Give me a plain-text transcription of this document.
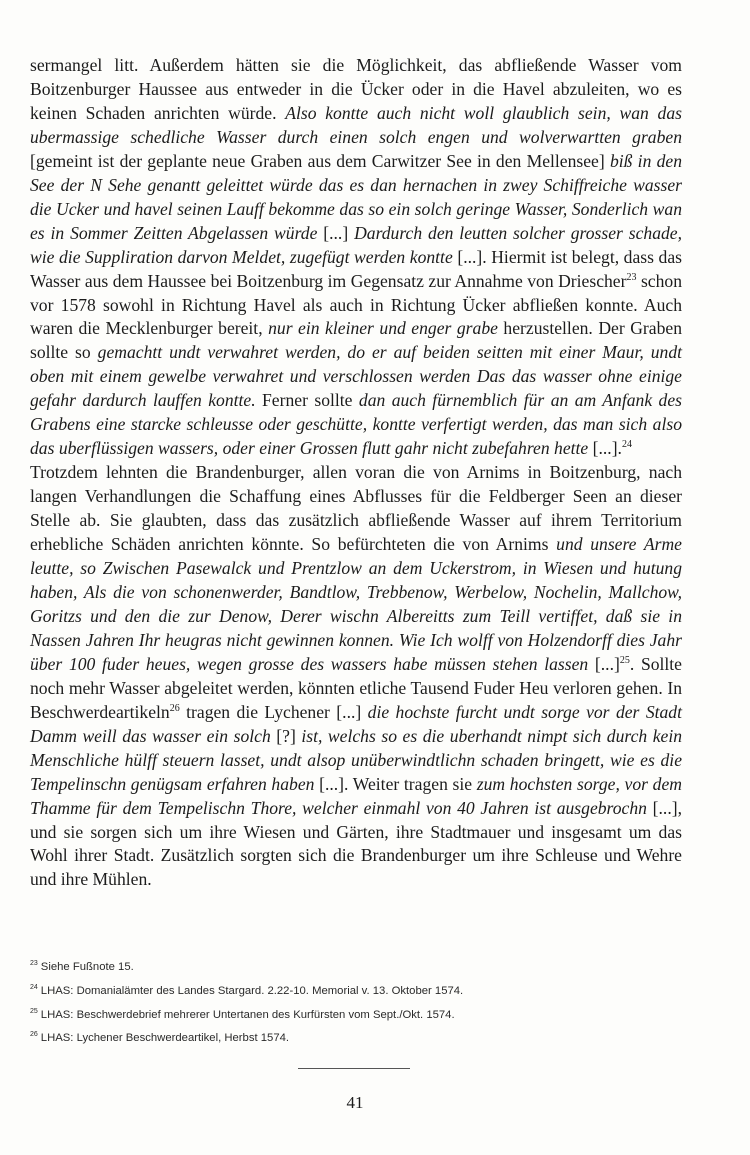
sermangel litt. Außerdem hätten sie die Möglichkeit, das abfließende Wasser vom Boitzenburger Haussee aus entweder in die Ücker oder in die Havel abzuleiten, wo es keinen Schaden anrichten würde. Also kontte auch nicht woll glaublich sein, wan das ubermassige schedliche Wasser durch einen solch engen und wolverwartten graben [gemeint ist der geplante neue Graben aus dem Carwitzer See in den Mellensee] biß in den See der N Sehe genantt geleittet würde das es dan hernachen in zwey Schiffreiche wasser die Ucker und havel seinen Lauff bekomme das so ein solch geringe Wasser, Sonderlich wan es in Sommer Zeitten Abgelassen würde [...] Dardurch den leutten solcher grosser schade, wie die Suppliration darvon Meldet, zugefügt werden kontte [...]. Hiermit ist belegt, dass das Wasser aus dem Haussee bei Boitzenburg im Gegensatz zur Annahme von Driescher$^{23}$ schon vor 1578 sowohl in Richtung Havel als auch in Richtung Ücker abfließen konnte. Auch waren die Mecklenburger bereit, nur ein kleiner und enger grabe herzustellen. Der Graben sollte so gemachtt undt verwahret werden, do er auf beiden seitten mit einer Maur, undt oben mit einem gewelbe verwahret und verschlossen werden Das das wasser ohne einige gefahr dardurch lauffen kontte. Ferner sollte dan auch fürnemblich für an am Anfank des Grabens eine starcke schleusse oder geschütte, kontte verfertigt werden, das man sich also das uberflüssigen wassers, oder einer Grossen flutt gahr nicht zubefahren hette [...].$^{24}$

Trotzdem lehnten die Brandenburger, allen voran die von Arnims in Boitzenburg, nach langen Verhandlungen die Schaffung eines Abflusses für die Feldberger Seen an dieser Stelle ab. Sie glaubten, dass das zusätzlich abfließende Wasser auf ihrem Territorium erhebliche Schäden anrichten könnte. So befürchteten die von Arnims und unsere Arme leutte, so Zwischen Pasewalck und Prentzlow an dem Uckerstrom, in Wiesen und hutung haben, Als die von schonenwerder, Bandtlow, Trebbenow, Werbelow, Nochelin, Mallchow, Goritzs und den die zur Denow, Derer wischn Albereitts zum Teill vertiffet, daß sie in Nassen Jahren Ihr heugras nicht gewinnen konnen. Wie Ich wolff von Holzendorff dies Jahr über 100 fuder heues, wegen grosse des wassers habe müssen stehen lassen [...]$^{25}$. Sollte noch mehr Wasser abgeleitet werden, könnten etliche Tausend Fuder Heu verloren gehen. In Beschwerdeartikeln$^{26}$ tragen die Lychener [...] die hochste furcht undt sorge vor der Stadt Damm weill das wasser ein solch [?] ist, welchs so es die uberhandt nimpt sich durch kein Menschliche hülff steuern lasset, undt alsop unüberwindtlichn schaden bringett, wie es die Tempelinschn genügsam erfahren haben [...]. Weiter tragen sie zum hochsten sorge, vor dem Thamme für dem Tempelischn Thore, welcher einmahl von 40 Jahren ist ausgebrochn [...], und sie sorgen sich um ihre Wiesen und Gärten, ihre Stadtmauer und insgesamt um das Wohl ihrer Stadt. Zusätzlich sorgten sich die Brandenburger um ihre Schleuse und Wehre und ihre Mühlen.

$^{23}$ Siehe Fußnote 15.
$^{24}$ LHAS: Domanialämter des Landes Stargard. 2.22-10. Memorial v. 13. Oktober 1574.
$^{25}$ LHAS: Beschwerdebrief mehrerer Untertanen des Kurfürsten vom Sept./Okt. 1574.
$^{26}$ LHAS: Lychener Beschwerdeartikel, Herbst 1574.
41
